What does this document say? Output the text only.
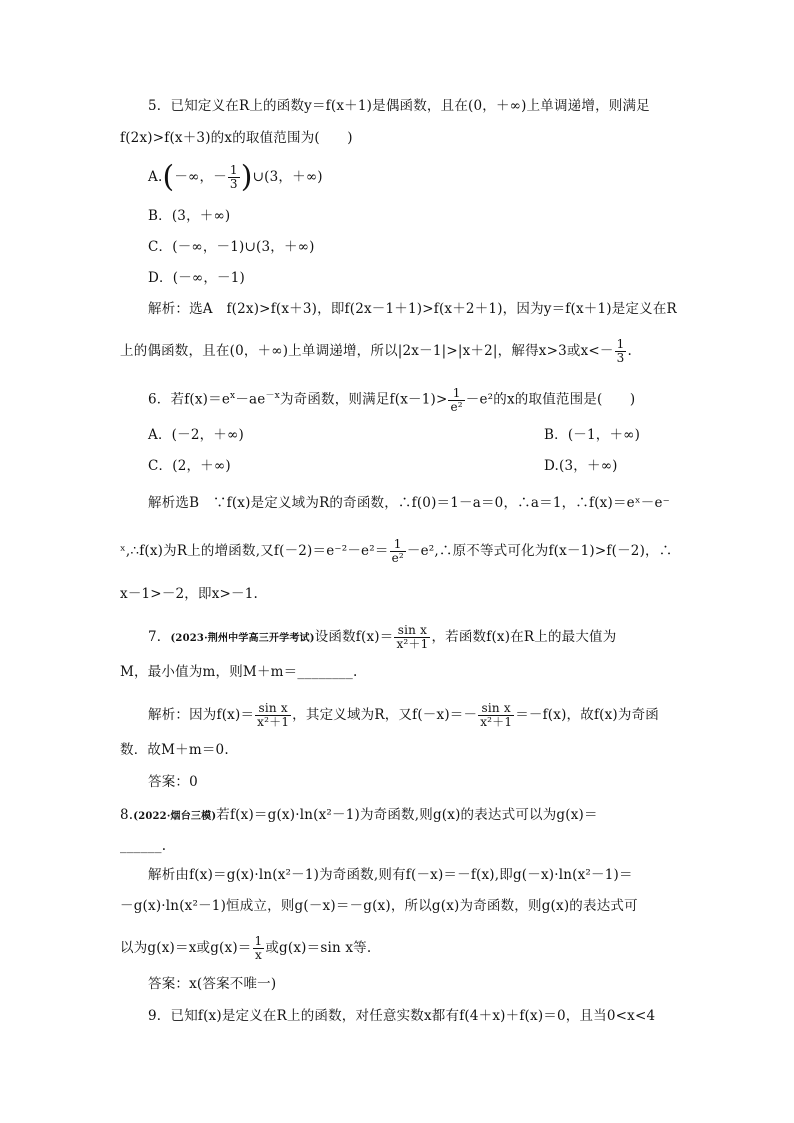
5．已知定义在R上的函数y＝f(x＋1)是偶函数，且在(0，＋∞)上单调递增，则满足
f(2x)>f(x＋3)的x的取值范围为(　　)
A.(－∞，－ $\frac{1}{3}$ )∪(3，＋∞)
B．(3，＋∞)
C．(－∞，－1)∪(3，＋∞)
D．(－∞，－1)
解析：选A　f(2x)>f(x＋3)，即f(2x－1＋1)>f(x＋2＋1)，因为y＝f(x＋1)是定义在R
上的偶函数，且在(0，＋∞)上单调递增，所以|2x－1|>|x＋2|，解得x>3或$x<- \frac{1}{3}$ .
6．若$f(x)=e^x-ae^{-x}$为奇函数，则满足$f(x-1)> \frac{1}{\text{e²}} -e^2$的x的取值范围是(　　)
A．(－2，＋∞)	B．(－1，＋∞)
C．(2，＋∞)	D.(3，＋∞)
解析选B　∵f(x)是定义域为R的奇函数，∴f(0)＝1－a＝0，∴a＝1，∴f(x)＝eˣ－e⁻
ˣ,∴f(x)为R上的增函数,又$f(-2)=e^{-2}-e^2= \frac{1}{\text{e²}}$ －e²,∴原不等式可化为f(x－1)>f(－2)，∴
x－1>－2，即x>－1.
7．(2023·荆州中学高三开学考试)设函数$f(x)= \frac{\text{sin x}}{\text{x²＋1}}$ ，若函数f(x)在R上的最大值为
M，最小值为m，则M＋m＝________.
解析：因为$f(x)= \frac{\text{sin x}}{\text{x²＋1}}$ ，其定义域为R，又$f(-x)=- \frac{\text{sin x}}{\text{x²＋1}} =-f(x)$，故f(x)为奇函
数．故M＋m＝0.
答案：0
8.(2022·烟台三模)若f(x)＝g(x)·ln(x²－1)为奇函数,则g(x)的表达式可以为g(x)＝
______.
解析由f(x)＝g(x)·ln(x²－1)为奇函数,则有f(－x)＝－f(x),即g(－x)·ln(x²－1)＝
－g(x)·ln(x²－1)恒成立，则g(－x)＝－g(x)，所以g(x)为奇函数，则g(x)的表达式可
以为g(x)＝x或$g(x)= \frac{1}{x}$ 或g(x)＝sin x等.
答案：x(答案不唯一)
9．已知f(x)是定义在R上的函数，对任意实数x都有f(4＋x)＋f(x)＝0，且当0<x<4
